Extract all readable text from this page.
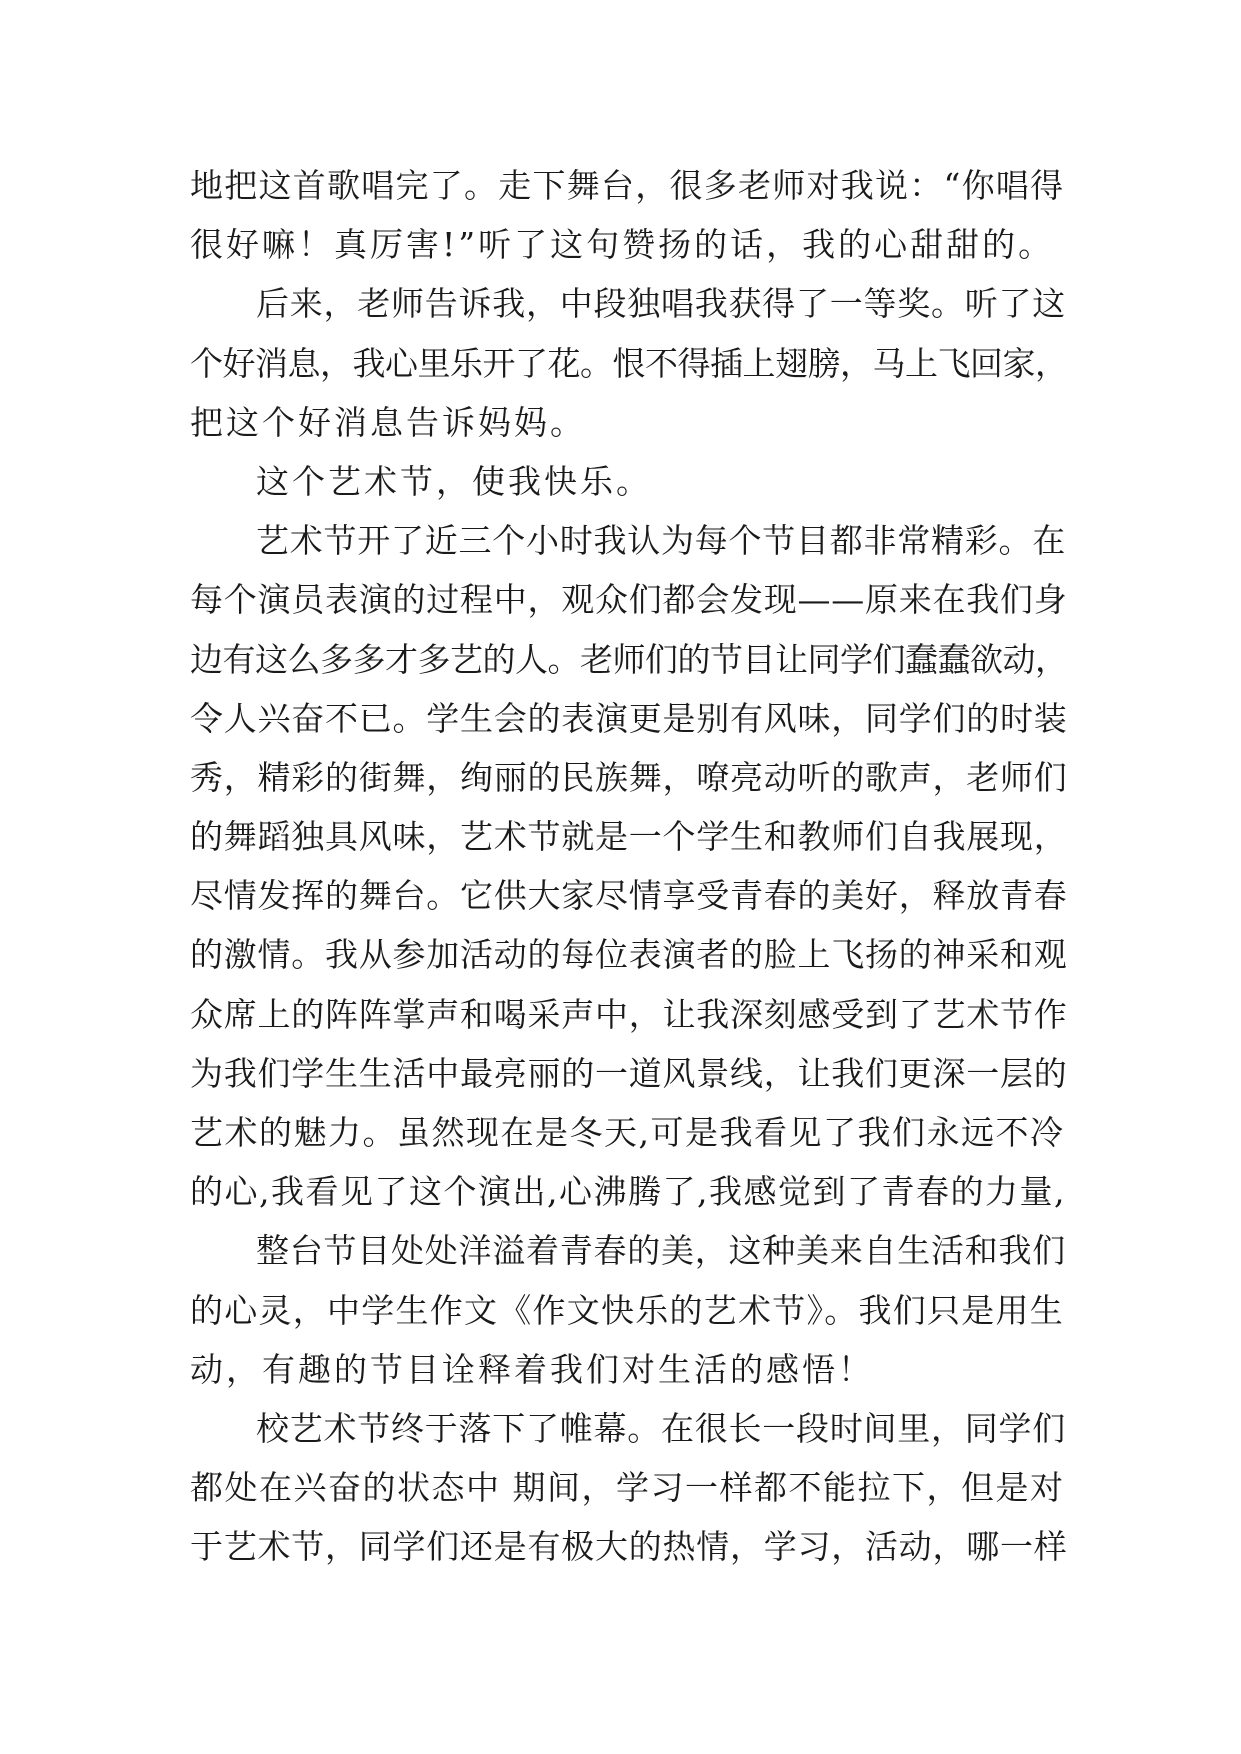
地把这首歌唱完了。走下舞台，很多老师对我说：“你唱得
很好嘛！真厉害!”听了这句赞扬的话，我的心甜甜的。
后来，老师告诉我，中段独唱我获得了一等奖。听了这
个好消息，我心里乐开了花。恨不得插上翅膀，马上飞回家，
把这个好消息告诉妈妈。
这个艺术节，使我快乐。
艺术节开了近三个小时我认为每个节目都非常精彩。在
每个演员表演的过程中，观众们都会发现——原来在我们身
边有这么多多才多艺的人。老师们的节目让同学们蠢蠢欲动，
令人兴奋不已。学生会的表演更是别有风味，同学们的时装
秀，精彩的街舞，绚丽的民族舞，嘹亮动听的歌声，老师们
的舞蹈独具风味，艺术节就是一个学生和教师们自我展现，
尽情发挥的舞台。它供大家尽情享受青春的美好，释放青春
的激情。我从参加活动的每位表演者的脸上飞扬的神采和观
众席上的阵阵掌声和喝采声中，让我深刻感受到了艺术节作
为我们学生生活中最亮丽的一道风景线，让我们更深一层的
艺术的魅力。虽然现在是冬天,可是我看见了我们永远不冷
的心,我看见了这个演出,心沸腾了,我感觉到了青春的力量,
整台节目处处洋溢着青春的美，这种美来自生活和我们
的心灵，中学生作文《作文快乐的艺术节》。我们只是用生
动，有趣的节目诠释着我们对生活的感悟！
校艺术节终于落下了帷幕。在很长一段时间里，同学们
都处在兴奋的状态中 期间，学习一样都不能拉下，但是对
于艺术节，同学们还是有极大的热情，学习，活动，哪一样
